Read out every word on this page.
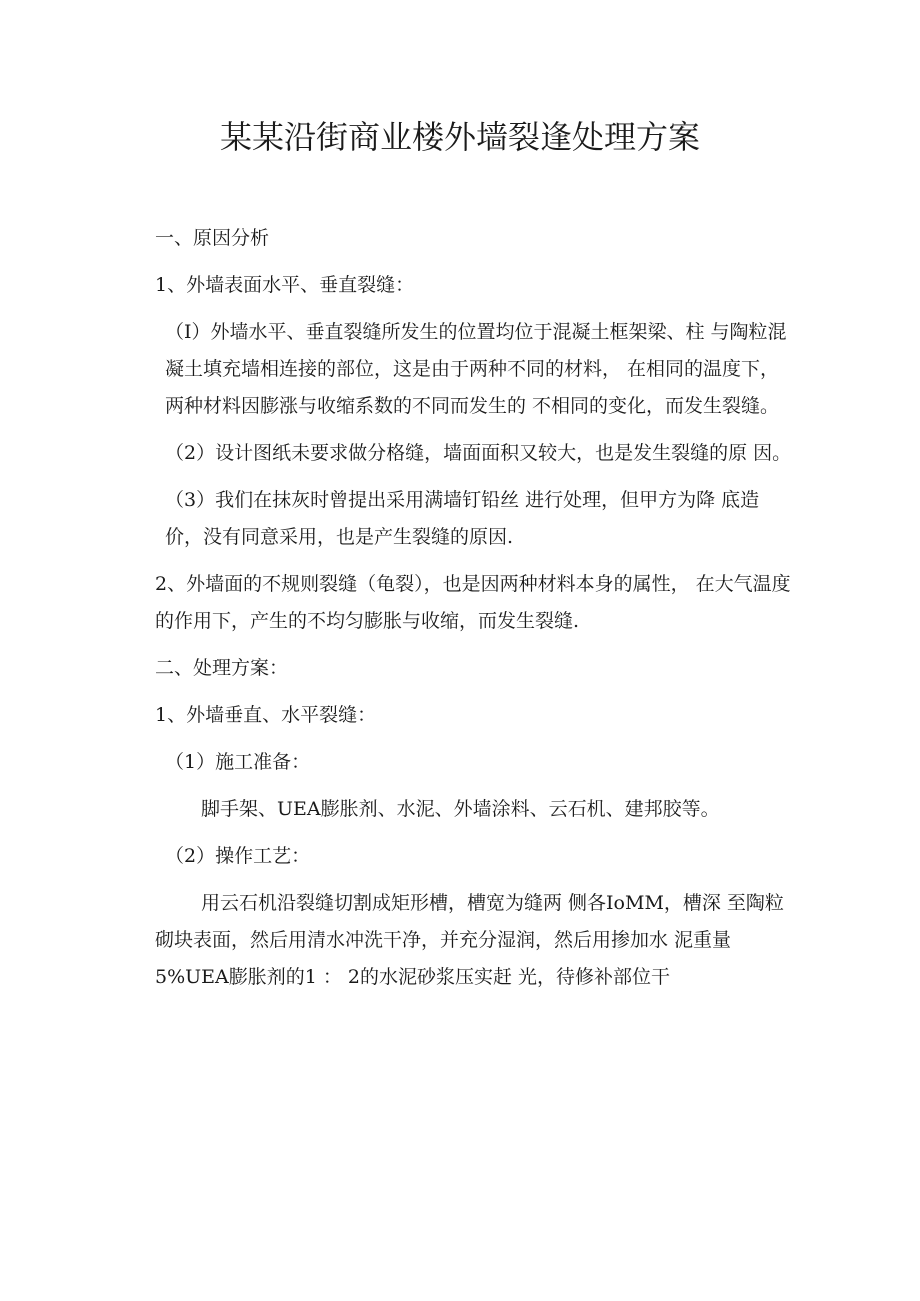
某某沿街商业楼外墙裂逢处理方案

一、原因分析

1、外墙表面水平、垂直裂缝：

（I）外墙水平、垂直裂缝所发生的位置均位于混凝土框架梁、柱 与陶粒混凝土填充墙相连接的部位，这是由于两种不同的材料， 在相同的温度下，两种材料因膨涨与收缩系数的不同而发生的 不相同的变化，而发生裂缝。

（2）设计图纸未要求做分格缝，墙面面积又较大，也是发生裂缝的原 因。

（3）我们在抹灰时曾提出采用满墙钉铅丝 进行处理，但甲方为降 底造价，没有同意采用，也是产生裂缝的原因.

2、外墙面的不规则裂缝（龟裂），也是因两种材料本身的属性， 在大气温度的作用下，产生的不均匀膨胀与收缩，而发生裂缝.

二、处理方案：

1、外墙垂直、水平裂缝：

（1）施工准备：

脚手架、UEA膨胀剂、水泥、外墙涂料、云石机、建邦胶等。

（2）操作工艺：

用云石机沿裂缝切割成矩形槽，槽宽为缝两 侧各IoMM，槽深 至陶粒砌块表面，然后用清水冲洗干净，并充分湿润，然后用掺加水 泥重量5%UEA膨胀剂的1 ： 2的水泥砂浆压实赶 光，待修补部位干
